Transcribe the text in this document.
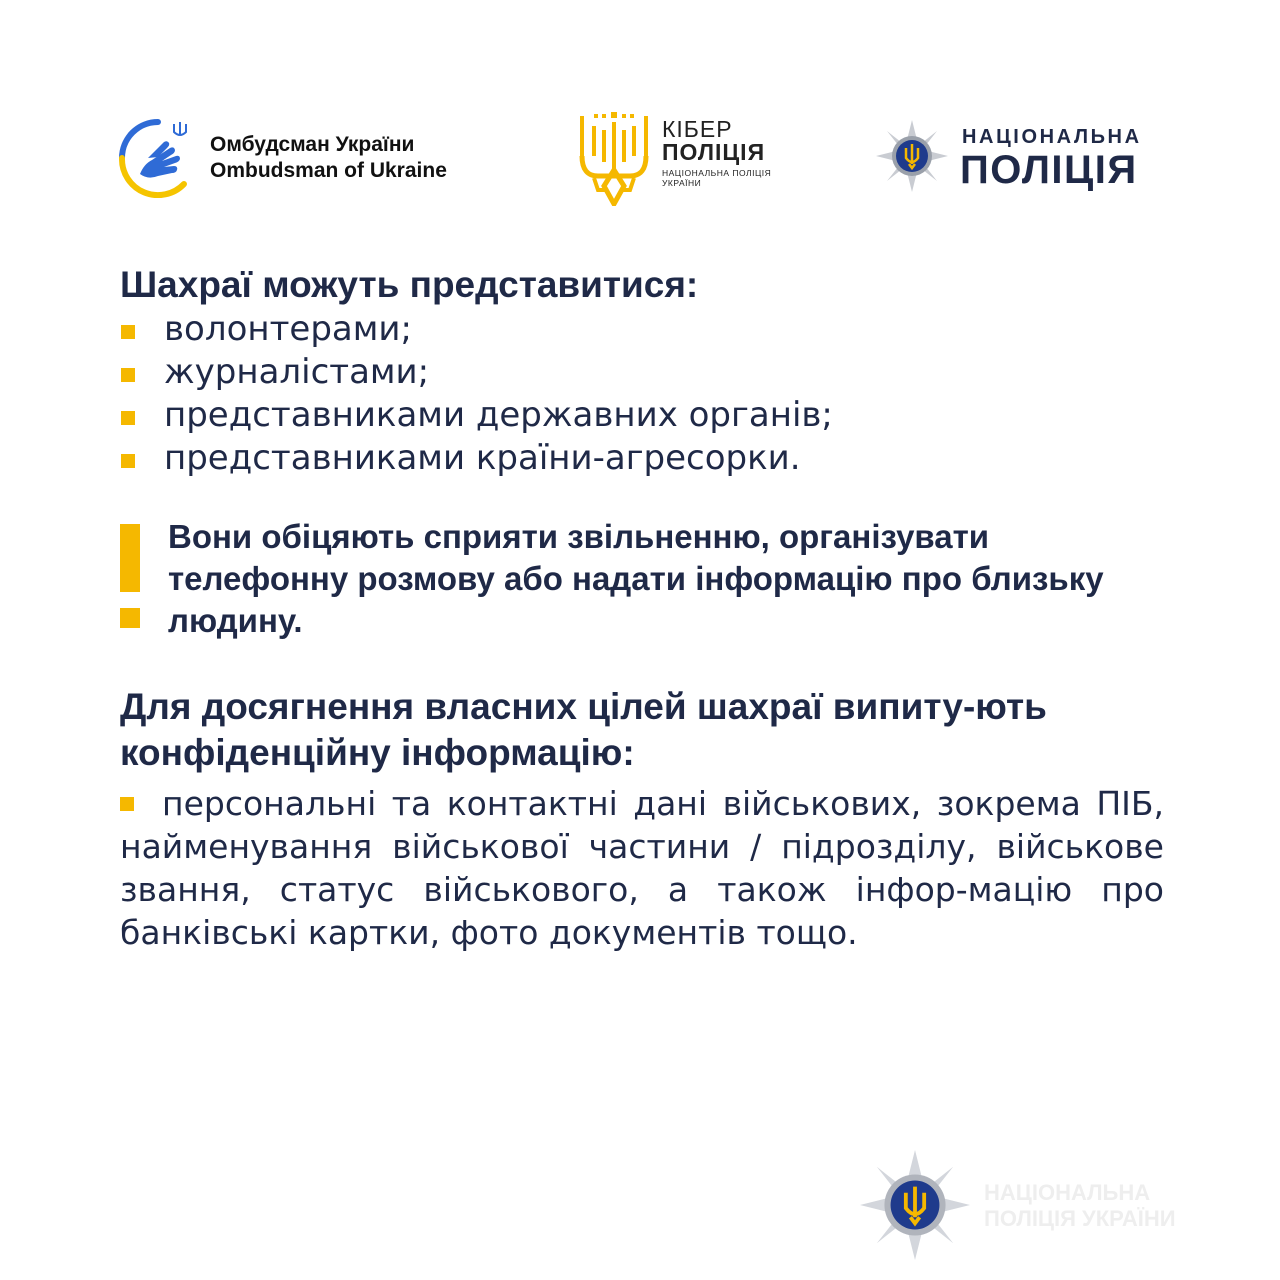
Омбудсман України
Ombudsman of Ukraine
КІБЕР
ПОЛІЦІЯ
НАЦІОНАЛЬНА ПОЛІЦІЯ
УКРАЇНИ
НАЦІОНАЛЬНА
ПОЛІЦІЯ
Шахраї можуть представитися:
волонтерами;
журналістами;
представниками державних органів;
представниками країни-агресорки.

Вони обіцяють сприяти звільненню, організувати телефонну розмову або надати інформацію про близьку людину.

Для досягнення власних цілей шахраї випиту-ють конфіденційну інформацію:

персональні та контактні дані військових, зокрема ПІБ, найменування військової частини / підрозділу, військове звання, статус військового, а також інфор-мацію про банківські картки, фото документів тощо.

НАЦІОНАЛЬНА
ПОЛІЦІЯ УКРАЇНИ
